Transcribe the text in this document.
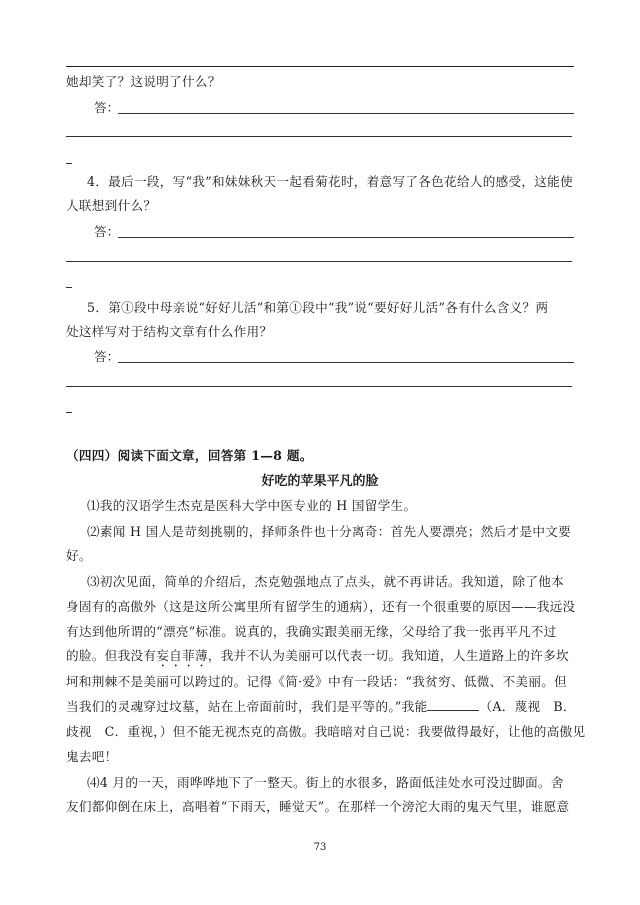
她却笑了？这说明了什么？
答：
4．最后一段，写“我”和妹妹秋天一起看菊花时，着意写了各色花给人的感受，这能使
人联想到什么？
答：
5．第①段中母亲说“好好儿活”和第①段中“我”说“要好好儿活”各有什么含义？两
处这样写对于结构文章有什么作用？
答：
（四四）阅读下面文章，回答第 1—8 题。
好吃的苹果平凡的脸
⑴我的汉语学生杰克是医科大学中医专业的 H 国留学生。
⑵素闻 H 国人是苛刻挑剔的，择师条件也十分离奇：首先人要漂亮；然后才是中文要
好。
⑶初次见面，简单的介绍后，杰克勉强地点了点头，就不再讲话。我知道，除了他本
身固有的高傲外（这是这所公寓里所有留学生的通病），还有一个很重要的原因——我远没
有达到他所谓的“漂亮”标准。说真的，我确实跟美丽无缘，父母给了我一张再平凡不过
的脸。但我没有妄自菲薄，我并不认为美丽可以代表一切。我知道，人生道路上的许多坎
坷和荆棘不是美丽可以跨过的。记得《简·爱》中有一段话：“我贫穷、低微、不美丽。但
当我们的灵魂穿过坟墓，站在上帝面前时，我们是平等的。”我能	（A．蔑视　B．
歧视　C．重视，）但不能无视杰克的高傲。我暗暗对自己说：我要做得最好，让他的高傲见
鬼去吧！
⑷4 月的一天，雨哗哗地下了一整天。街上的水很多，路面低洼处水可没过脚面。舍
友们都仰倒在床上，高唱着“下雨天，睡觉天”。在那样一个滂沱大雨的鬼天气里，谁愿意
73
